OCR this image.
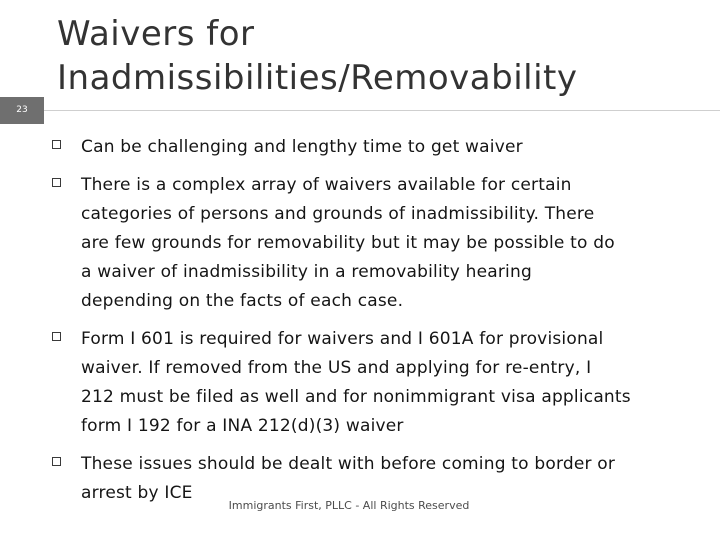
23
Waivers for
Inadmissibilities/Removability
Can be challenging and lengthy time to get waiver
There is a complex array of waivers available for certain
categories of persons and grounds of inadmissibility. There
are few grounds for removability but it may be possible to do
a waiver of inadmissibility in a removability hearing
depending on the facts of each case.
Form I 601 is required for waivers and I 601A for provisional
waiver. If removed from the US and applying for re-entry, I
212 must be filed as well and for nonimmigrant visa applicants
form I 192 for a INA 212(d)(3) waiver
These issues should be dealt with before coming to border or
arrest by ICE
Immigrants First, PLLC - All Rights Reserved
